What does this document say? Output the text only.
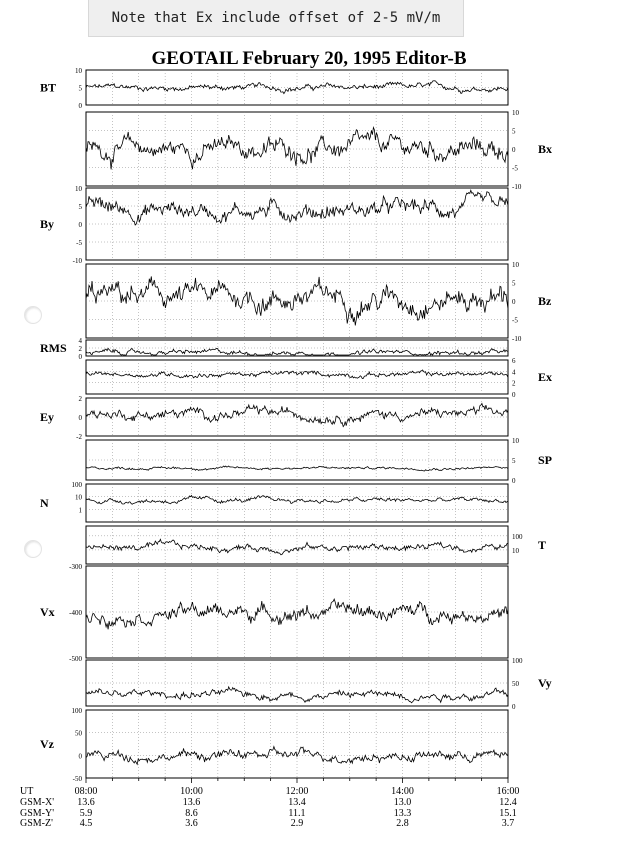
Note that Ex include offset of 2-5 mV/m
GEOTAIL February 20, 1995 Editor-B
0
5
10
BT
-10
-5
0
5
10
Bx
-10
-5
0
5
10
By
-10
-5
0
5
10
Bz
0
2
4
RMS
0
2
4
6
Ex
-2
0
2
Ey
0
5
10
SP
1
10
100
N
10
100
T
-500
-400
-300
Vx
0
50
100
Vy
-50
0
50
100
Vz
UT	08:00	10:00	12:00	14:00	16:00
GSM-X' 13.6	13.6	13.4	13.0	12.4
GSM-Y'	5.9	8.6	11.1	13.3	15.1
GSM-Z'	4.5	3.6	2.9	2.8	3.7
